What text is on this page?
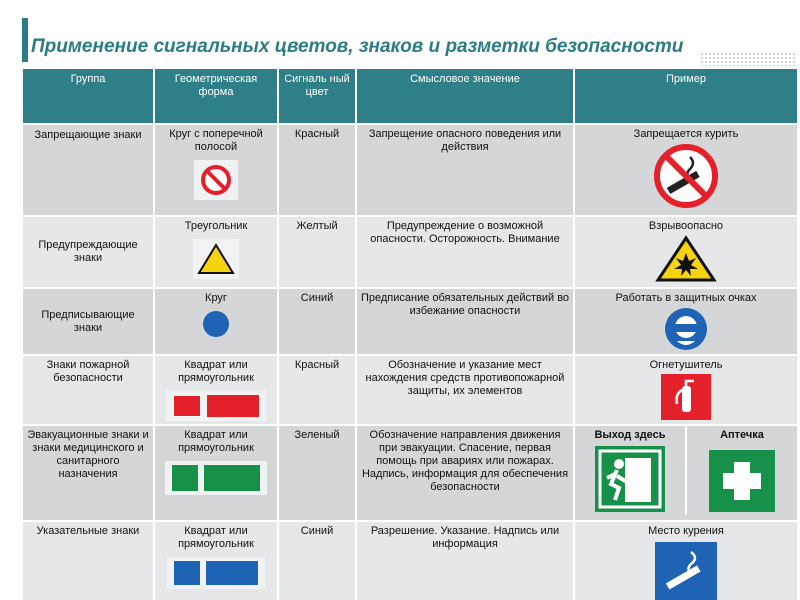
Применение сигнальных цветов, знаков и разметки безопасности
Группа	Геометрическая форма	Сигналь ный цвет	Смысловое значение	Пример
Запрещающие знаки	Круг с поперечной полосой	Красный	Запрещение опасного поведения или действия	Запрещается курить

Предупреждающие знаки	Треугольник	Желтый	Предупреждение о возможной опасности. Осторожность. Внимание	Взрывоопасно

Предписывающие знаки	Круг	Синий	Предписание обязательных действий во избежание опасности	Работать в защитных очках

Знаки пожарной безопасности	Квадрат или прямоугольник	Красный	Обозначение и указание мест нахождения средств противопожарной защиты, их элементов	Огнетушитель

Эвакуационные знаки и знаки медицинского и санитарного назначения	Квадрат или прямоугольник	Зеленый	Обозначение направления движения при эвакуации. Спасение, первая помощь при авариях или пожарах. Надпись, информация для обеспечения безопасности	Выход здесь Аптечка

Указательные знаки	Квадрат или прямоугольник	Синий	Разрешение. Указание. Надпись или информация	Место курения
